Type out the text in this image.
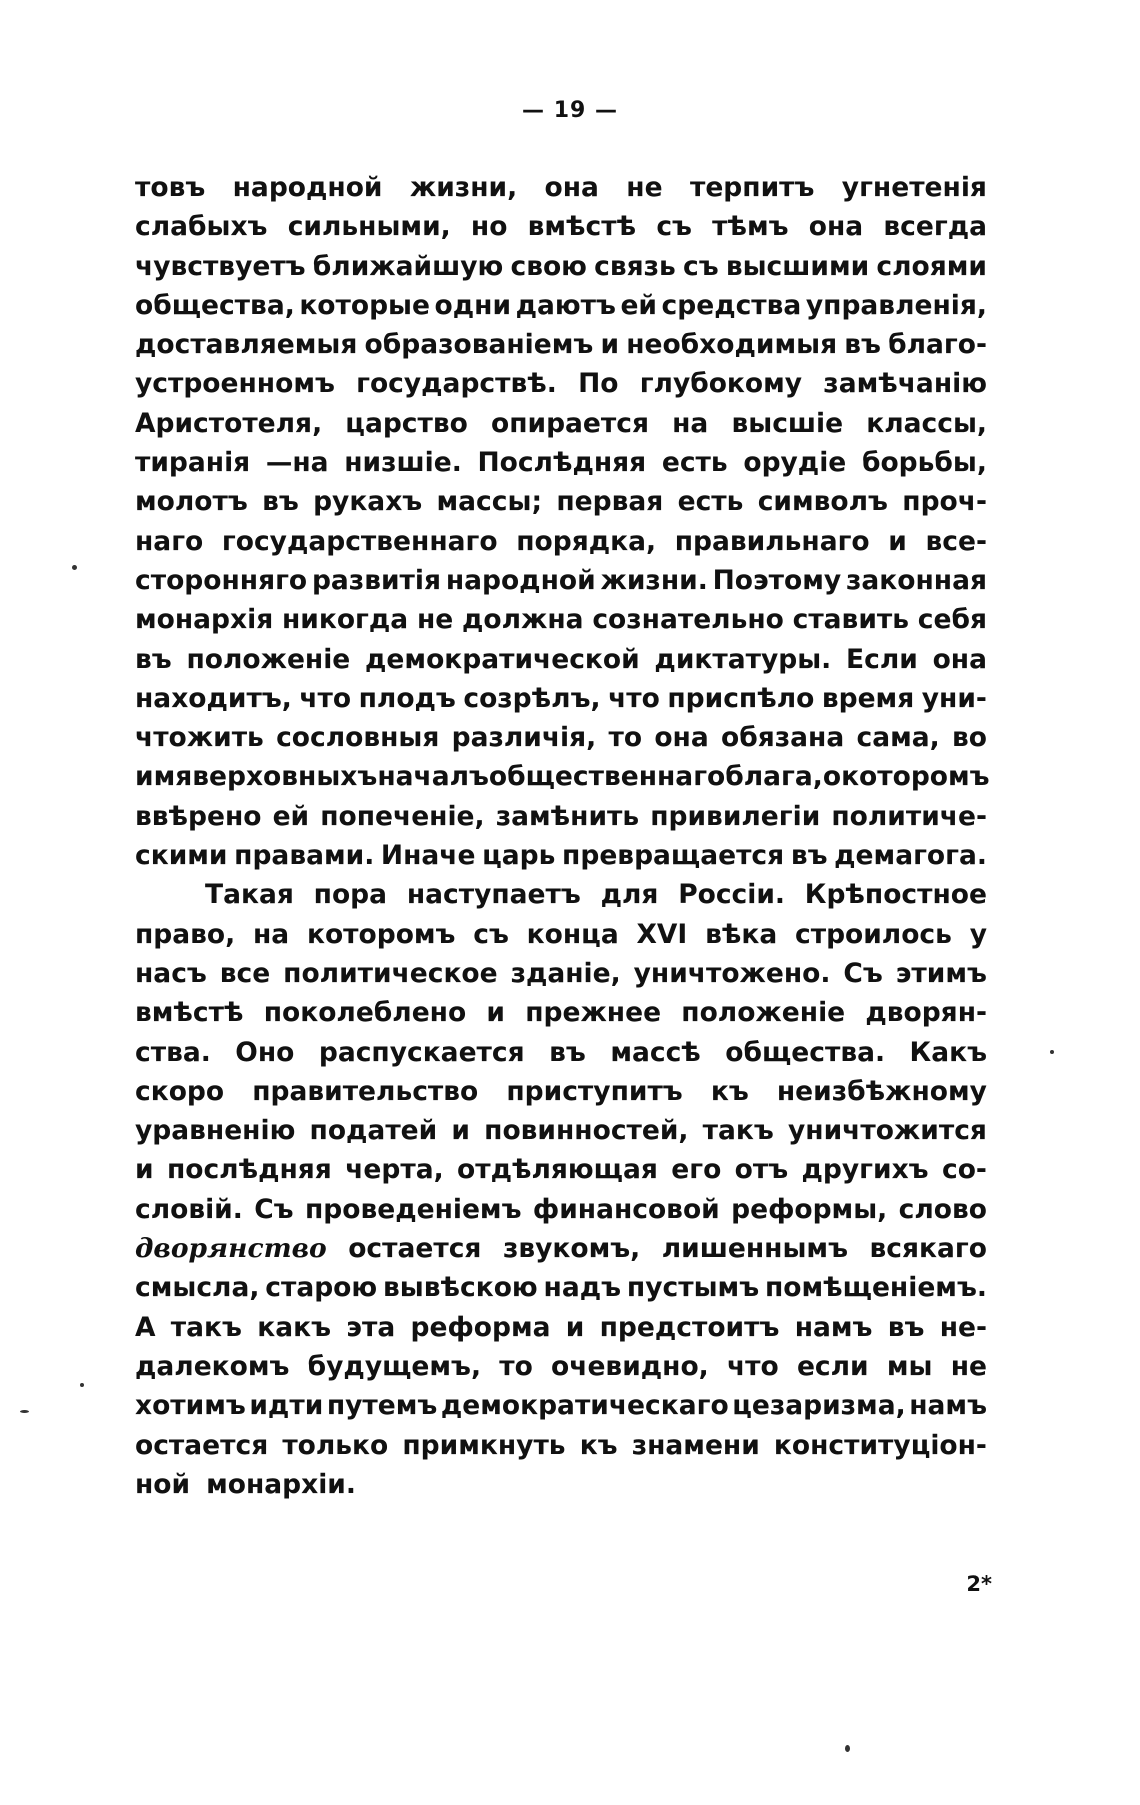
— 19 —
товъ народной жизни, она не терпитъ угнетенія
слабыхъ сильными, но вмѣстѣ съ тѣмъ она всегда
чувствуетъ ближайшую свою связь съ высшими слоями
общества, которые одни даютъ ей средства управленія,
доставляемыя образованіемъ и необходимыя въ благо-
устроенномъ государствѣ. По глубокому замѣчанію
Аристотеля, царство опирается на высшіе классы,
тиранія —на низшіе. Послѣдняя есть орудіе борьбы,
молотъ въ рукахъ массы; первая есть символъ проч-
наго государственнаго порядка, правильнаго и все-
сторонняго развитія народной жизни. Поэтому законная
монархія никогда не должна сознательно ставить себя
въ положеніе демократической диктатуры. Если она
находитъ, что плодъ созрѣлъ, что приспѣло время уни-
чтожить сословныя различія, то она обязана сама, во
имя верховныхъ началъ общественнаго блага, о которомъ
ввѣрено ей попеченіе, замѣнить привилегіи политиче-
скими правами. Иначе царь превращается въ демагога.
Такая пора наступаетъ для Россіи. Крѣпостное
право, на которомъ съ конца XVI вѣка строилось у
насъ все политическое зданіе, уничтожено. Съ этимъ
вмѣстѣ поколеблено и прежнее положеніе дворян-
ства. Оно распускается въ массѣ общества. Какъ
скоро правительство приступитъ къ неизбѣжному
уравненію податей и повинностей, такъ уничтожится
и послѣдняя черта, отдѣляющая его отъ другихъ со-
словій. Съ проведеніемъ финансовой реформы, слово
дворянство остается звукомъ, лишеннымъ всякаго
смысла, старою вывѣскою надъ пустымъ помѣщеніемъ.
А такъ какъ эта реформа и предстоитъ намъ въ не-
далекомъ будущемъ, то очевидно, что если мы не
хотимъ идти путемъ демократическаго цезаризма, намъ
остается только примкнуть къ знамени конституціон-
ной монархіи.
2*
